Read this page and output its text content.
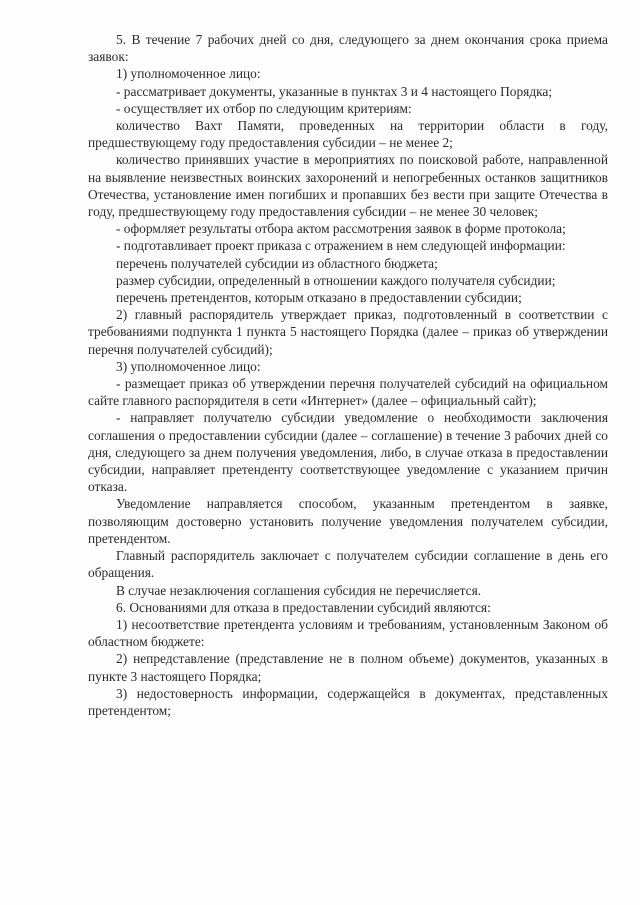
5. В течение 7 рабочих дней со дня, следующего за днем окончания срока приема заявок:

1) уполномоченное лицо:

- рассматривает документы, указанные в пунктах 3 и 4 настоящего Порядка;

- осуществляет их отбор по следующим критериям:

количество Вахт Памяти, проведенных на территории области в году, предшествующему году предоставления субсидии – не менее 2;

количество принявших участие в мероприятиях по поисковой работе, направленной на выявление неизвестных воинских захоронений и непогребенных останков защитников Отечества, установление имен погибших и пропавших без вести при защите Отечества в году, предшествующему году предоставления субсидии – не менее 30 человек;

- оформляет результаты отбора актом рассмотрения заявок в форме протокола;

- подготавливает проект приказа с отражением в нем следующей информации:

перечень получателей субсидии из областного бюджета;

размер субсидии, определенный в отношении каждого получателя субсидии;

перечень претендентов, которым отказано в предоставлении субсидии;

2) главный распорядитель утверждает приказ, подготовленный в соответствии с требованиями подпункта 1 пункта 5 настоящего Порядка (далее – приказ об утверждении перечня получателей субсидий);

3) уполномоченное лицо:

- размещает приказ об утверждении перечня получателей субсидий на официальном сайте главного распорядителя в сети «Интернет» (далее – официальный сайт);

- направляет получателю субсидии уведомление о необходимости заключения соглашения о предоставлении субсидии (далее – соглашение) в течение 3 рабочих дней со дня, следующего за днем получения уведомления, либо, в случае отказа в предоставлении субсидии, направляет претенденту соответствующее уведомление с указанием причин отказа.

Уведомление направляется способом, указанным претендентом в заявке, позволяющим достоверно установить получение уведомления получателем субсидии, претендентом.

Главный распорядитель заключает с получателем субсидии соглашение в день его обращения.

В случае незаключения соглашения субсидия не перечисляется.

6. Основаниями для отказа в предоставлении субсидий являются:

1) несоответствие претендента условиям и требованиям, установленным Законом об областном бюджете:

2) непредставление (представление не в полном объеме) документов, указанных в пункте 3 настоящего Порядка;

3) недостоверность информации, содержащейся в документах, представленных претендентом;
